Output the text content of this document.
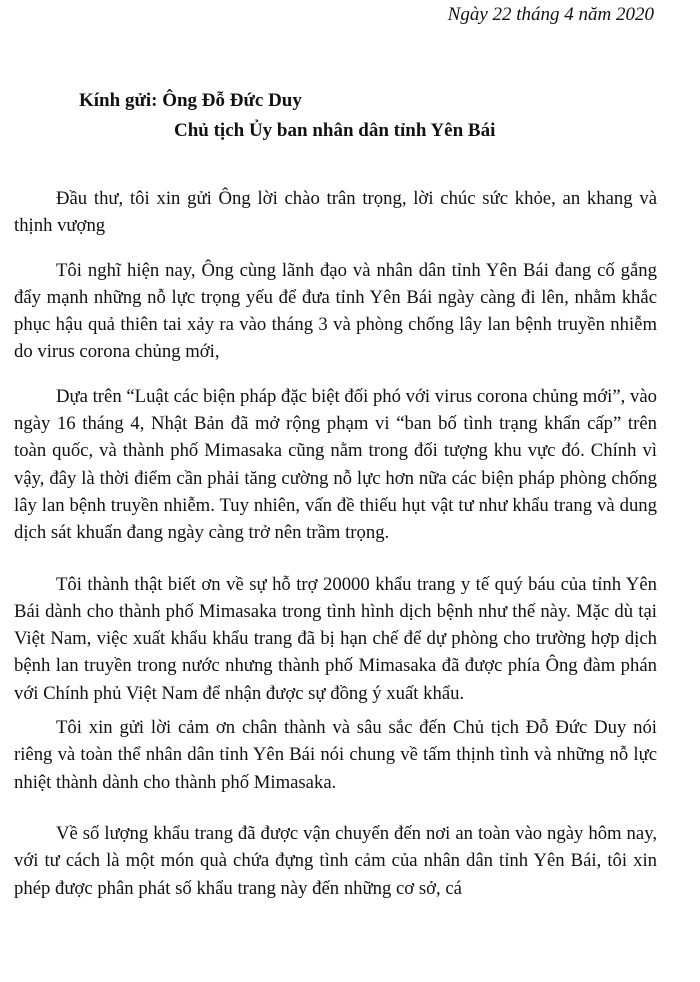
Ngày 22 tháng 4 năm 2020
Kính gửi: Ông Đỗ Đức Duy
Chủ tịch Ủy ban nhân dân tỉnh Yên Bái

Đầu thư, tôi xin gửi Ông lời chào trân trọng, lời chúc sức khỏe, an khang và thịnh vượng

Tôi nghĩ hiện nay, Ông cùng lãnh đạo và nhân dân tỉnh Yên Bái đang cố gắng đẩy mạnh những nỗ lực trọng yếu để đưa tỉnh Yên Bái ngày càng đi lên, nhằm khắc phục hậu quả thiên tai xảy ra vào tháng 3 và phòng chống lây lan bệnh truyền nhiễm do virus corona chủng mới,

Dựa trên “Luật các biện pháp đặc biệt đối phó với virus corona chủng mới”, vào ngày 16 tháng 4, Nhật Bản đã mở rộng phạm vi “ban bố tình trạng khẩn cấp” trên toàn quốc, và thành phố Mimasaka cũng nằm trong đối tượng khu vực đó. Chính vì vậy, đây là thời điểm cần phải tăng cường nỗ lực hơn nữa các biện pháp phòng chống lây lan bệnh truyền nhiễm. Tuy nhiên, vấn đề thiếu hụt vật tư như khẩu trang và dung dịch sát khuẩn đang ngày càng trở nên trầm trọng.

Tôi thành thật biết ơn về sự hỗ trợ 20000 khẩu trang y tế quý báu của tỉnh Yên Bái dành cho thành phố Mimasaka trong tình hình dịch bệnh như thế này. Mặc dù tại Việt Nam, việc xuất khẩu khẩu trang đã bị hạn chế để dự phòng cho trường hợp dịch bệnh lan truyền trong nước nhưng thành phố Mimasaka đã được phía Ông đàm phán với Chính phủ Việt Nam để nhận được sự đồng ý xuất khẩu.

Tôi xin gửi lời cảm ơn chân thành và sâu sắc đến Chủ tịch Đỗ Đức Duy nói riêng và toàn thể nhân dân tỉnh Yên Bái nói chung về tấm thịnh tình và những nỗ lực nhiệt thành dành cho thành phố Mimasaka.

Về số lượng khẩu trang đã được vận chuyển đến nơi an toàn vào ngày hôm nay, với tư cách là một món quà chứa đựng tình cảm của nhân dân tỉnh Yên Bái, tôi xin phép được phân phát số khẩu trang này đến những cơ sở, cá
